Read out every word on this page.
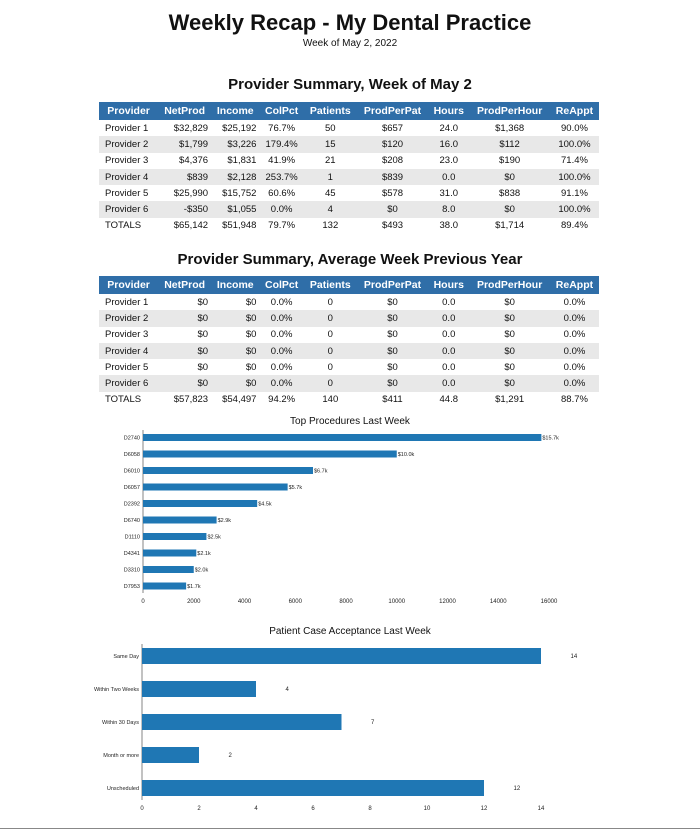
Weekly Recap - My Dental Practice
Week of May 2, 2022
Provider Summary, Week of May 2
Provider	NetProd	Income	ColPct	Patients	ProdPerPat	Hours	ProdPerHour	ReAppt
Provider 1	$32,829	$25,192	76.7%	50	$657	24.0	$1,368	90.0%
Provider 2	$1,799	$3,226	179.4%	15	$120	16.0	$112	100.0%
Provider 3	$4,376	$1,831	41.9%	21	$208	23.0	$190	71.4%
Provider 4	$839	$2,128	253.7%	1	$839	0.0	$0	100.0%
Provider 5	$25,990	$15,752	60.6%	45	$578	31.0	$838	91.1%
Provider 6	-$350	$1,055	0.0%	4	$0	8.0	$0	100.0%
TOTALS	$65,142	$51,948	79.7%	132	$493	38.0	$1,714	89.4%
Provider Summary, Average Week Previous Year
Provider	NetProd	Income	ColPct	Patients	ProdPerPat	Hours	ProdPerHour	ReAppt
Provider 1	$0	$0	0.0%	0	$0	0.0	$0	0.0%
Provider 2	$0	$0	0.0%	0	$0	0.0	$0	0.0%
Provider 3	$0	$0	0.0%	0	$0	0.0	$0	0.0%
Provider 4	$0	$0	0.0%	0	$0	0.0	$0	0.0%
Provider 5	$0	$0	0.0%	0	$0	0.0	$0	0.0%
Provider 6	$0	$0	0.0%	0	$0	0.0	$0	0.0%
TOTALS	$57,823	$54,497	94.2%	140	$411	44.8	$1,291	88.7%
Top Procedures Last Week
D2740	$15.7k
D6058	$10.0k
D6010	$6.7k
D6057	$5.7k
D2392	$4.5k
D6740	$2.9k
D1110	$2.5k
D4341	$2.1k
D3310	$2.0k
D7953	$1.7k
0	2000	4000	6000	8000	10000	12000	14000	16000
Patient Case Acceptance Last Week
Same Day	14
Within Two Weeks	4
Within 30 Days	7
Month or more	2
Unscheduled	12
0	2	4	6	8	10	12	14
